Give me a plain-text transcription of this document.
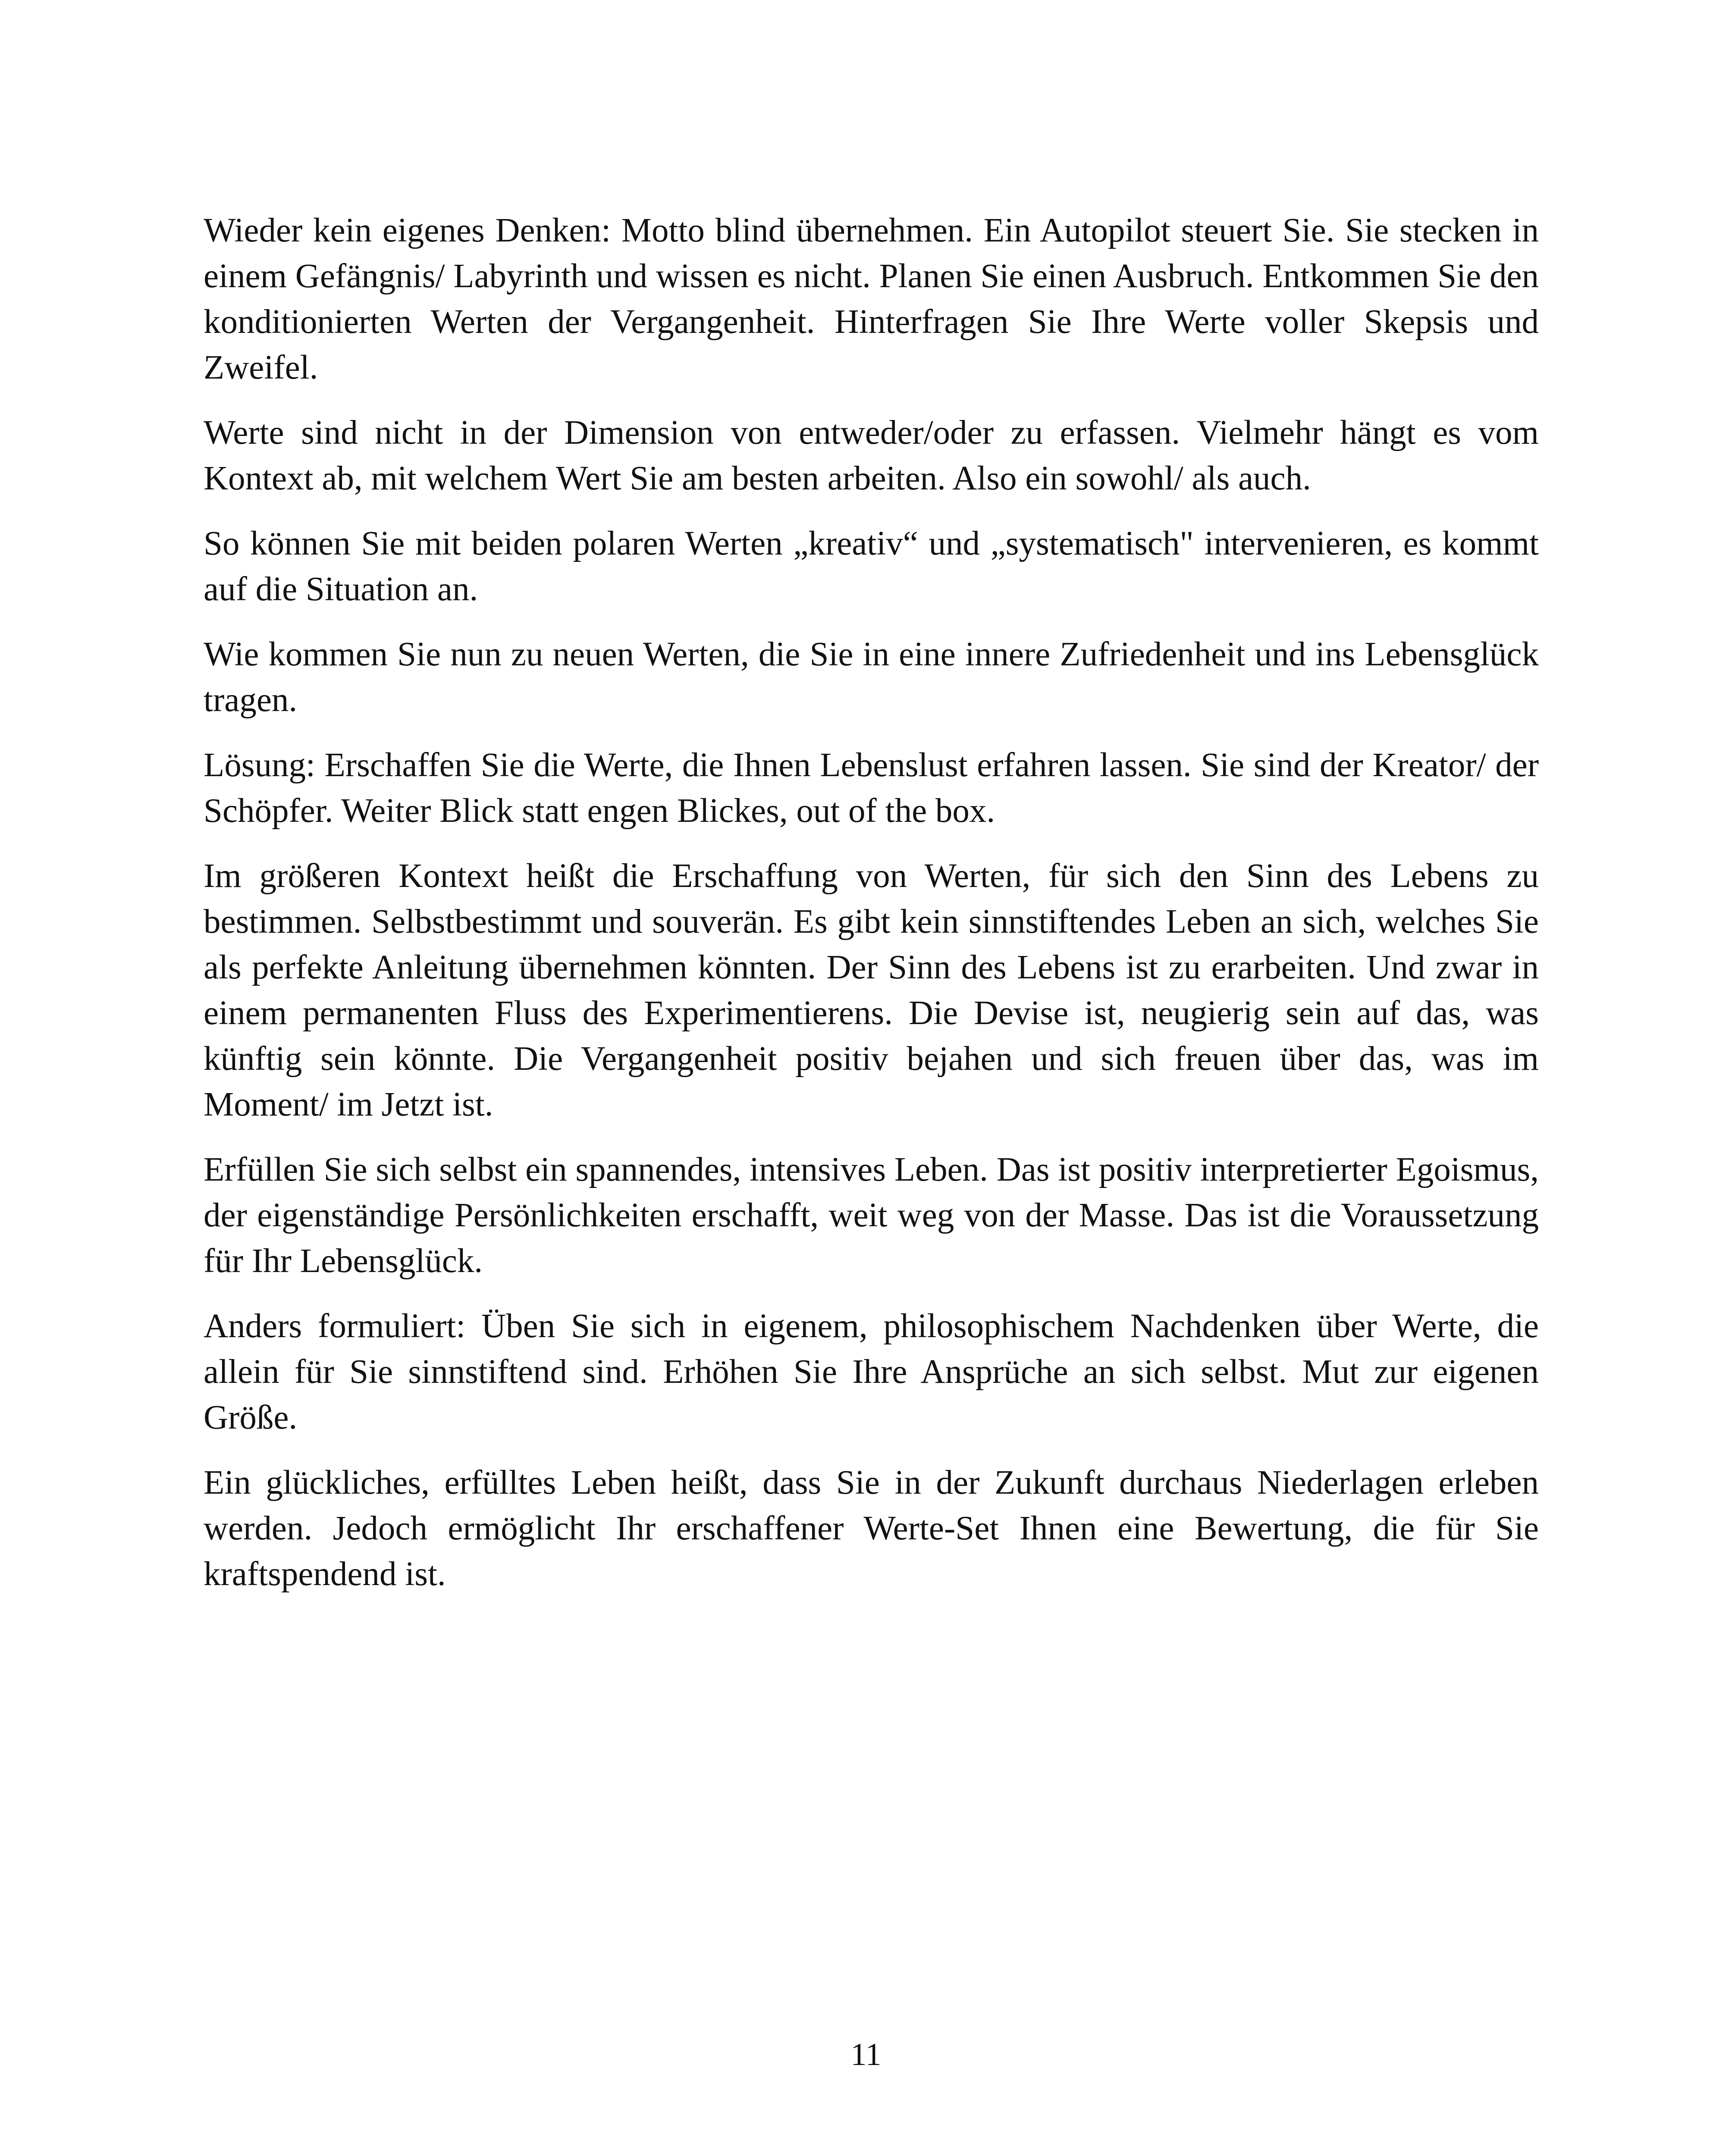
Wieder kein eigenes Denken: Motto blind übernehmen. Ein Autopilot steuert Sie. Sie stecken in einem Gefängnis/ Labyrinth und wissen es nicht. Planen Sie einen Ausbruch. Entkommen Sie den konditionierten Werten der Vergangenheit. Hinterfragen Sie Ihre Werte voller Skepsis und Zweifel.

Werte sind nicht in der Dimension von entweder/oder zu erfassen. Vielmehr hängt es vom Kontext ab, mit welchem Wert Sie am besten arbeiten. Also ein sowohl/ als auch.

So können Sie mit beiden polaren Werten „kreativ“ und „systematisch" intervenieren, es kommt auf die Situation an.

Wie kommen Sie nun zu neuen Werten, die Sie in eine innere Zufriedenheit und ins Lebensglück tragen.

Lösung: Erschaffen Sie die Werte, die Ihnen Lebenslust erfahren lassen. Sie sind der Kreator/ der Schöpfer. Weiter Blick statt engen Blickes, out of the box.

Im größeren Kontext heißt die Erschaffung von Werten, für sich den Sinn des Lebens zu bestimmen. Selbstbestimmt und souverän. Es gibt kein sinnstiftendes Leben an sich, welches Sie als perfekte Anleitung übernehmen könnten. Der Sinn des Lebens ist zu erarbeiten. Und zwar in einem permanenten Fluss des Experimentierens. Die Devise ist, neugierig sein auf das, was künftig sein könnte. Die Vergangenheit positiv bejahen und sich freuen über das, was im Moment/ im Jetzt ist.

Erfüllen Sie sich selbst ein spannendes, intensives Leben. Das ist positiv interpretierter Egoismus, der eigenständige Persönlichkeiten erschafft, weit weg von der Masse. Das ist die Voraussetzung für Ihr Lebensglück.

Anders formuliert: Üben Sie sich in eigenem, philosophischem Nachdenken über Werte, die allein für Sie sinnstiftend sind. Erhöhen Sie Ihre Ansprüche an sich selbst. Mut zur eigenen Größe.

Ein glückliches, erfülltes Leben heißt, dass Sie in der Zukunft durchaus Niederlagen erleben werden. Jedoch ermöglicht Ihr erschaffener Werte-Set Ihnen eine Bewertung, die für Sie kraftspendend ist.

11
